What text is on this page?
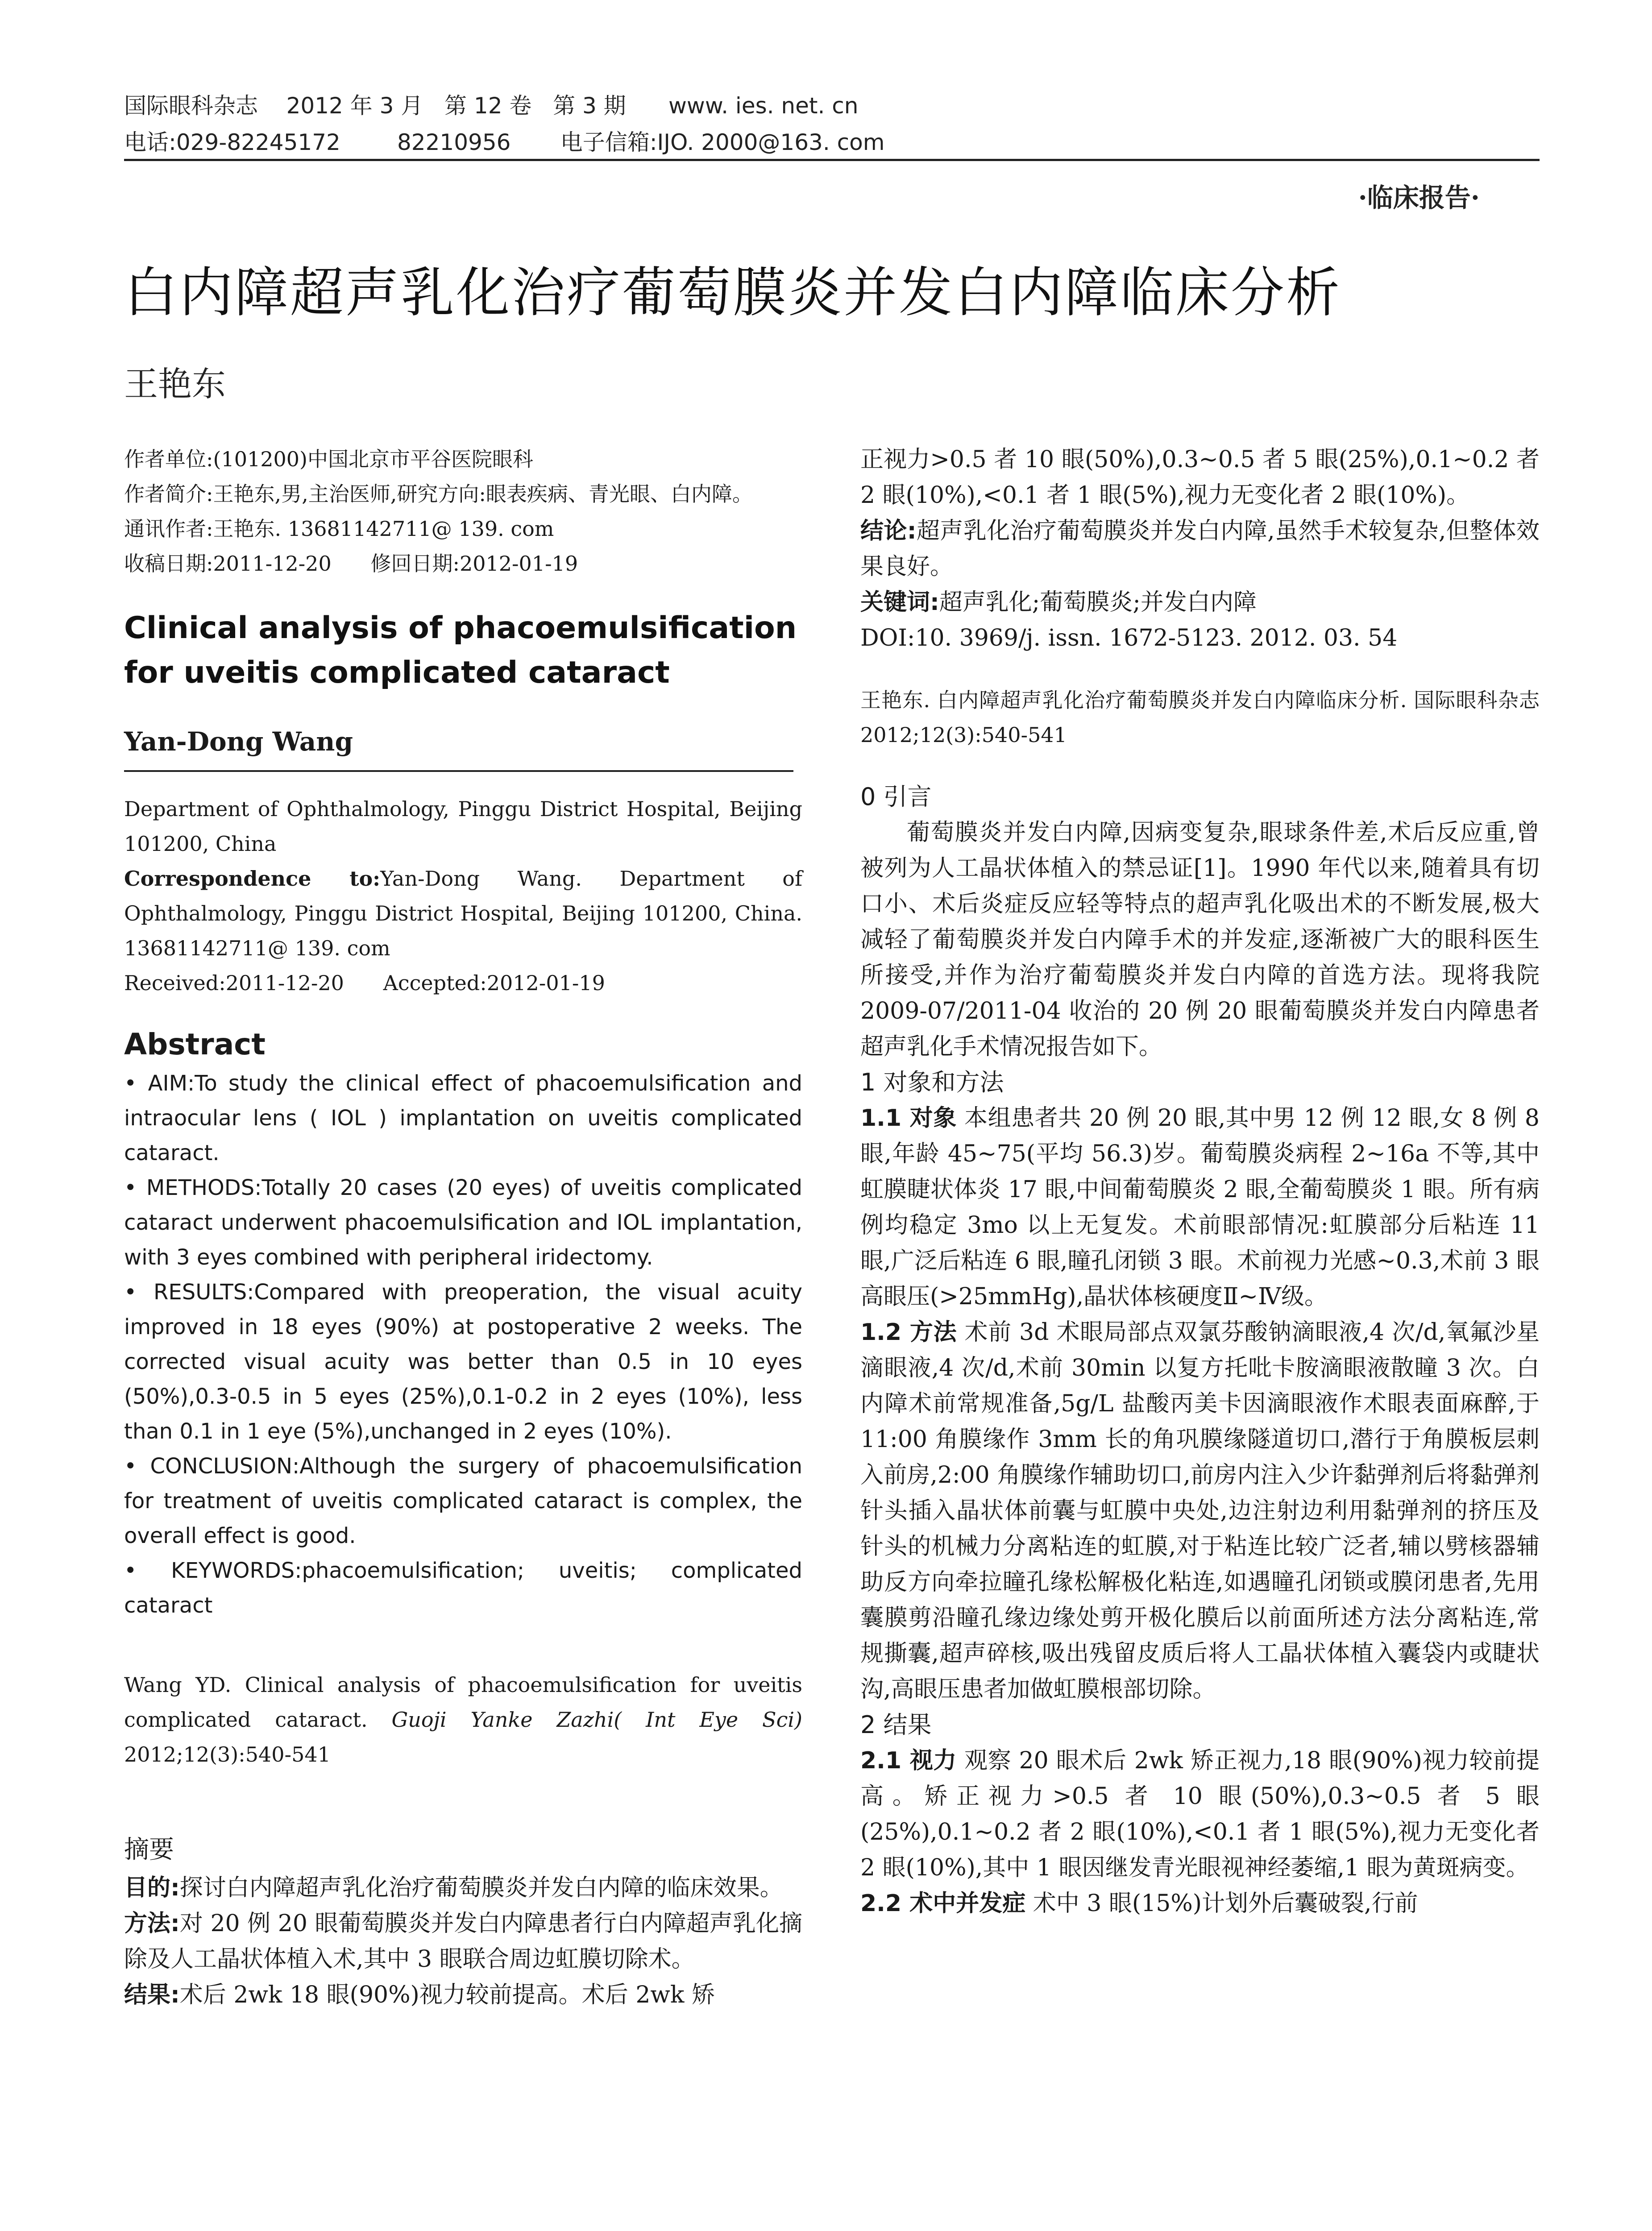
国际眼科杂志    2012 年 3 月   第 12 卷   第 3 期      www. ies. net. cn
电话:029-82245172        82210956       电子信箱:IJO. 2000@163. com
·临床报告·
白内障超声乳化治疗葡萄膜炎并发白内障临床分析
王艳东

作者单位:(101200)中国北京市平谷医院眼科

作者简介:王艳东,男,主治医师,研究方向:眼表疾病、青光眼、白内障。

通讯作者:王艳东. 13681142711@ 139. com

收稿日期:2011-12-20      修回日期:2012-01-19

Clinical analysis of phacoemulsification for uveitis complicated cataract
Yan-Dong Wang

Department of Ophthalmology, Pinggu District Hospital, Beijing 101200, China

Correspondence to:Yan-Dong Wang. Department of Ophthalmology, Pinggu District Hospital, Beijing 101200, China. 13681142711@ 139. com

Received:2011-12-20      Accepted:2012-01-19

Abstract

• AIM:To study the clinical effect of phacoemulsification and intraocular lens ( IOL ) implantation on uveitis complicated cataract.

• METHODS:Totally 20 cases (20 eyes) of uveitis complicated cataract underwent phacoemulsification and IOL implantation, with 3 eyes combined with peripheral iridectomy.

• RESULTS:Compared with preoperation, the visual acuity improved in 18 eyes (90%) at postoperative 2 weeks. The corrected visual acuity was better than 0.5 in 10 eyes (50%),0.3-0.5 in 5 eyes (25%),0.1-0.2 in 2 eyes (10%), less than 0.1 in 1 eye (5%),unchanged in 2 eyes (10%).

• CONCLUSION:Although the surgery of phacoemulsification for treatment of uveitis complicated cataract is complex, the overall effect is good.

• KEYWORDS:phacoemulsification; uveitis; complicated cataract

Wang YD. Clinical analysis of phacoemulsification for uveitis complicated cataract. Guoji Yanke Zazhi( Int Eye Sci) 2012;12(3):540-541

摘要

目的:探讨白内障超声乳化治疗葡萄膜炎并发白内障的临床效果。

方法:对 20 例 20 眼葡萄膜炎并发白内障患者行白内障超声乳化摘除及人工晶状体植入术,其中 3 眼联合周边虹膜切除术。

结果:术后 2wk 18 眼(90%)视力较前提高。术后 2wk 矫

正视力>0.5 者 10 眼(50%),0.3~0.5 者 5 眼(25%),0.1~0.2 者 2 眼(10%),<0.1 者 1 眼(5%),视力无变化者 2 眼(10%)。

结论:超声乳化治疗葡萄膜炎并发白内障,虽然手术较复杂,但整体效果良好。

关键词:超声乳化;葡萄膜炎;并发白内障

DOI:10. 3969/j. issn. 1672-5123. 2012. 03. 54

王艳东. 白内障超声乳化治疗葡萄膜炎并发白内障临床分析. 国际眼科杂志 2012;12(3):540-541

0 引言

葡萄膜炎并发白内障,因病变复杂,眼球条件差,术后反应重,曾被列为人工晶状体植入的禁忌证[1]。1990 年代以来,随着具有切口小、术后炎症反应轻等特点的超声乳化吸出术的不断发展,极大减轻了葡萄膜炎并发白内障手术的并发症,逐渐被广大的眼科医生所接受,并作为治疗葡萄膜炎并发白内障的首选方法。现将我院 2009-07/2011-04 收治的 20 例 20 眼葡萄膜炎并发白内障患者超声乳化手术情况报告如下。

1 对象和方法

1.1 对象 本组患者共 20 例 20 眼,其中男 12 例 12 眼,女 8 例 8 眼,年龄 45~75(平均 56.3)岁。葡萄膜炎病程 2~16a 不等,其中虹膜睫状体炎 17 眼,中间葡萄膜炎 2 眼,全葡萄膜炎 1 眼。所有病例均稳定 3mo 以上无复发。术前眼部情况:虹膜部分后粘连 11 眼,广泛后粘连 6 眼,瞳孔闭锁 3 眼。术前视力光感~0.3,术前 3 眼高眼压(>25mmHg),晶状体核硬度Ⅱ~Ⅳ级。

1.2 方法 术前 3d 术眼局部点双氯芬酸钠滴眼液,4 次/d,氧氟沙星滴眼液,4 次/d,术前 30min 以复方托吡卡胺滴眼液散瞳 3 次。白内障术前常规准备,5g/L 盐酸丙美卡因滴眼液作术眼表面麻醉,于 11:00 角膜缘作 3mm 长的角巩膜缘隧道切口,潜行于角膜板层刺入前房,2:00 角膜缘作辅助切口,前房内注入少许黏弹剂后将黏弹剂针头插入晶状体前囊与虹膜中央处,边注射边利用黏弹剂的挤压及针头的机械力分离粘连的虹膜,对于粘连比较广泛者,辅以劈核器辅助反方向牵拉瞳孔缘松解极化粘连,如遇瞳孔闭锁或膜闭患者,先用囊膜剪沿瞳孔缘边缘处剪开极化膜后以前面所述方法分离粘连,常规撕囊,超声碎核,吸出残留皮质后将人工晶状体植入囊袋内或睫状沟,高眼压患者加做虹膜根部切除。

2 结果

2.1 视力 观察 20 眼术后 2wk 矫正视力,18 眼(90%)视力较前提高。矫正视力>0.5 者 10 眼(50%),0.3~0.5 者 5 眼(25%),0.1~0.2 者 2 眼(10%),<0.1 者 1 眼(5%),视力无变化者 2 眼(10%),其中 1 眼因继发青光眼视神经萎缩,1 眼为黄斑病变。

2.2 术中并发症 术中 3 眼(15%)计划外后囊破裂,行前
